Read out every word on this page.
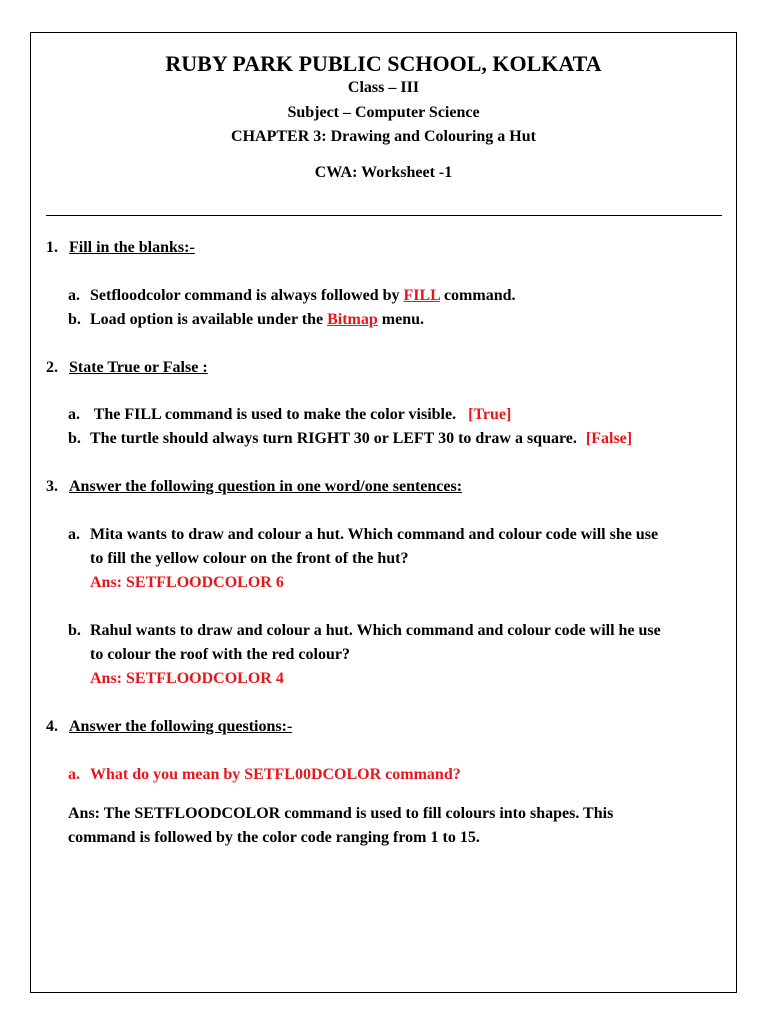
RUBY PARK PUBLIC SCHOOL, KOLKATA
Class – III
Subject – Computer Science
CHAPTER 3: Drawing and Colouring a Hut
CWA: Worksheet -1
1. Fill in the blanks:-
a. Setfloodcolor command is always followed by FILL command.
b. Load option is available under the Bitmap menu.
2. State True or False :
a. The FILL command is used to make the color visible. [True]
b. The turtle should always turn RIGHT 30 or LEFT 30 to draw a square. [False]
3. Answer the following question in one word/one sentences:
a. Mita wants to draw and colour a hut. Which command and colour code will she use
to fill the yellow colour on the front of the hut?
Ans: SETFLOODCOLOR 6
b. Rahul wants to draw and colour a hut. Which command and colour code will he use
to colour the roof with the red colour?
Ans: SETFLOODCOLOR 4
4. Answer the following questions:-
a. What do you mean by SETFL00DCOLOR command?
Ans: The SETFLOODCOLOR command is used to fill colours into shapes. This
command is followed by the color code ranging from 1 to 15.
